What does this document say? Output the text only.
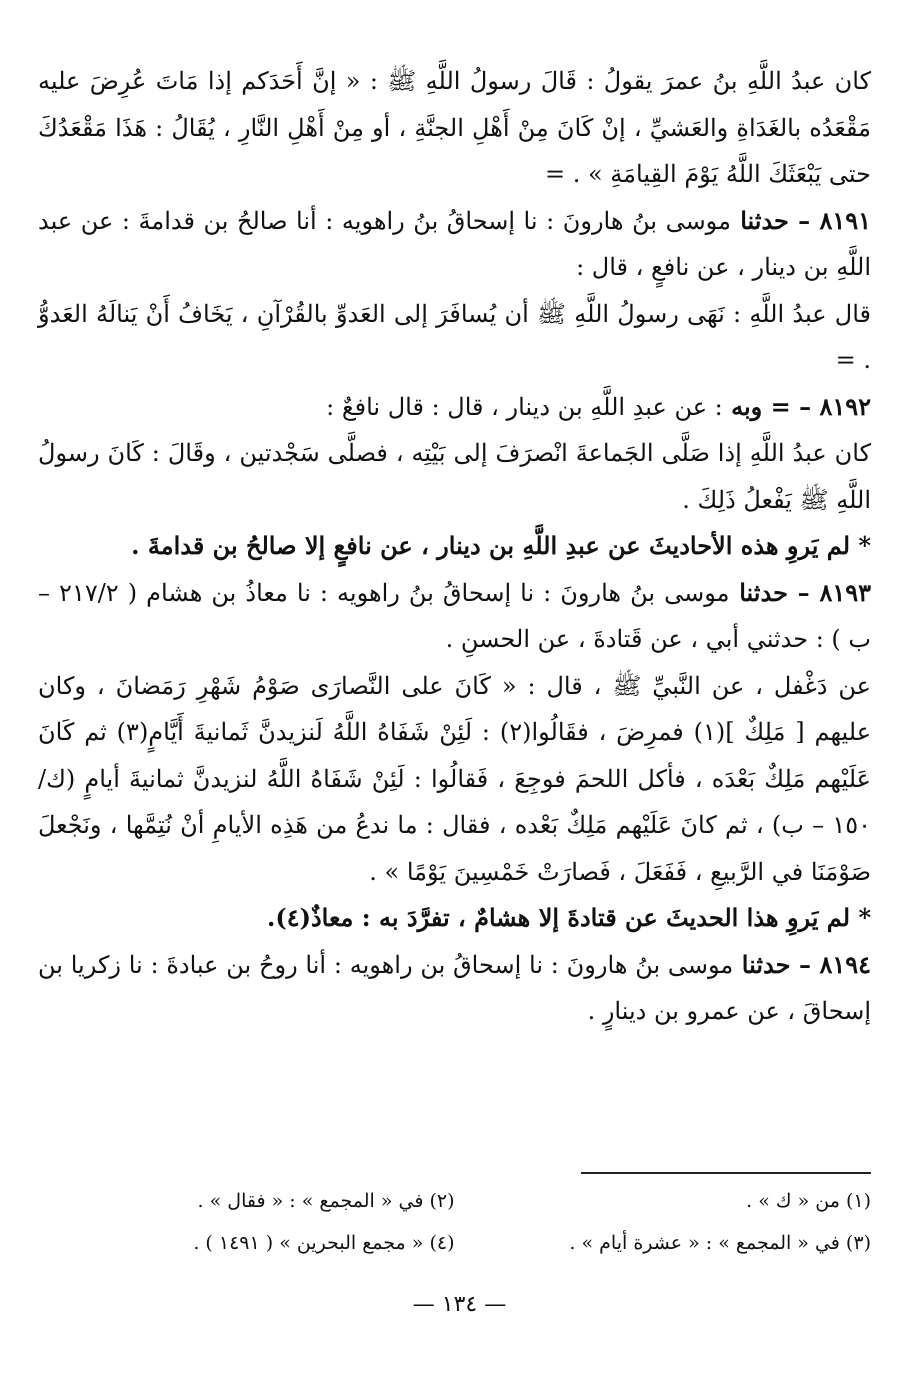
كان عبدُ اللَّهِ بنُ عمرَ يقولُ : قَالَ رسولُ اللَّهِ ﷺ : « إنَّ أَحَدَكم إذا مَاتَ عُرِضَ عليه مَقْعَدُه بالغَدَاةِ والعَشيِّ ، إنْ كَانَ مِنْ أَهْلِ الجنَّةِ ، أو مِنْ أَهْلِ النَّارِ ، يُقَالُ : هَذَا مَقْعَدُكَ حتى يَبْعَثَكَ اللَّهُ يَوْمَ القِيامَةِ » . =

٨١٩١ – حدثنا موسى بنُ هارونَ : نا إسحاقُ بنُ راهويه : أنا صالحُ بن قدامةَ : عن عبد اللَّهِ بن دينار ، عن نافعٍ ، قال :

قال عبدُ اللَّهِ : نَهَى رسولُ اللَّهِ ﷺ أن يُسافَرَ إلى العَدوِّ بالقُرْآنِ ، يَخَافُ أَنْ يَنالَهُ العَدوُّ . =

٨١٩٢ – = وبه : عن عبدِ اللَّهِ بن دينار ، قال : قال نافعٌ :

كان عبدُ اللَّهِ إذا صَلَّى الجَماعةَ انْصرَفَ إلى بَيْتِه ، فصلَّى سَجْدتين ، وقَالَ : كَانَ رسولُ اللَّهِ ﷺ يَفْعلُ ذَلِكَ .

* لم يَروِ هذه الأحاديثَ عن عبدِ اللَّهِ بن دينار ، عن نافعٍ إلا صالحُ بن قدامةَ .

٨١٩٣ – حدثنا موسى بنُ هارونَ : نا إسحاقُ بنُ راهويه : نا معاذُ بن هشام ( ٢١٧/٢ – ب ) : حدثني أبي ، عن قَتادةَ ، عن الحسنِ .

عن دَغْفل ، عن النَّبيِّ ﷺ ، قال : « كَانَ على النَّصارَى صَوْمُ شَهْرِ رَمَضانَ ، وكان عليهم [ مَلِكٌ ](١) فمرِضَ ، فقَالُوا(٢) : لَئِنْ شَفَاهُ اللَّهُ لَنزيدنَّ ثَمانيةَ أَيَّامٍ(٣) ثم كَانَ عَلَيْهم مَلِكٌ بَعْدَه ، فأكل اللحمَ فوجِعَ ، فَقالُوا : لَئِنْ شَفَاهُ اللَّهُ لنزيدنَّ ثمانيةَ أيامٍ (ك/١٥٠ – ب) ، ثم كانَ عَلَيْهم مَلِكٌ بَعْده ، فقال : ما ندعُ من هَذِه الأيامِ أنْ نُتِمَّها ، ونَجْعلَ صَوْمَنَا في الرَّبيعِ ، فَفَعَلَ ، فَصارَتْ خَمْسِينَ يَوْمًا » .

* لم يَروِ هذا الحديثَ عن قتادةَ إلا هشامٌ ، تفرَّدَ به : معاذٌ(٤).

٨١٩٤ – حدثنا موسى بنُ هارونَ : نا إسحاقُ بن راهويه : أنا روحُ بن عبادةَ : نا زكريا بن إسحاقَ ، عن عمرو بن دينارٍ .

(١) من « ك » .
(٢) في « المجمع » : « فقال » .
(٣) في « المجمع » : « عشرة أيام » .
(٤) « مجمع البحرين » ( ١٤٩١ ) .
— ١٣٤ —
